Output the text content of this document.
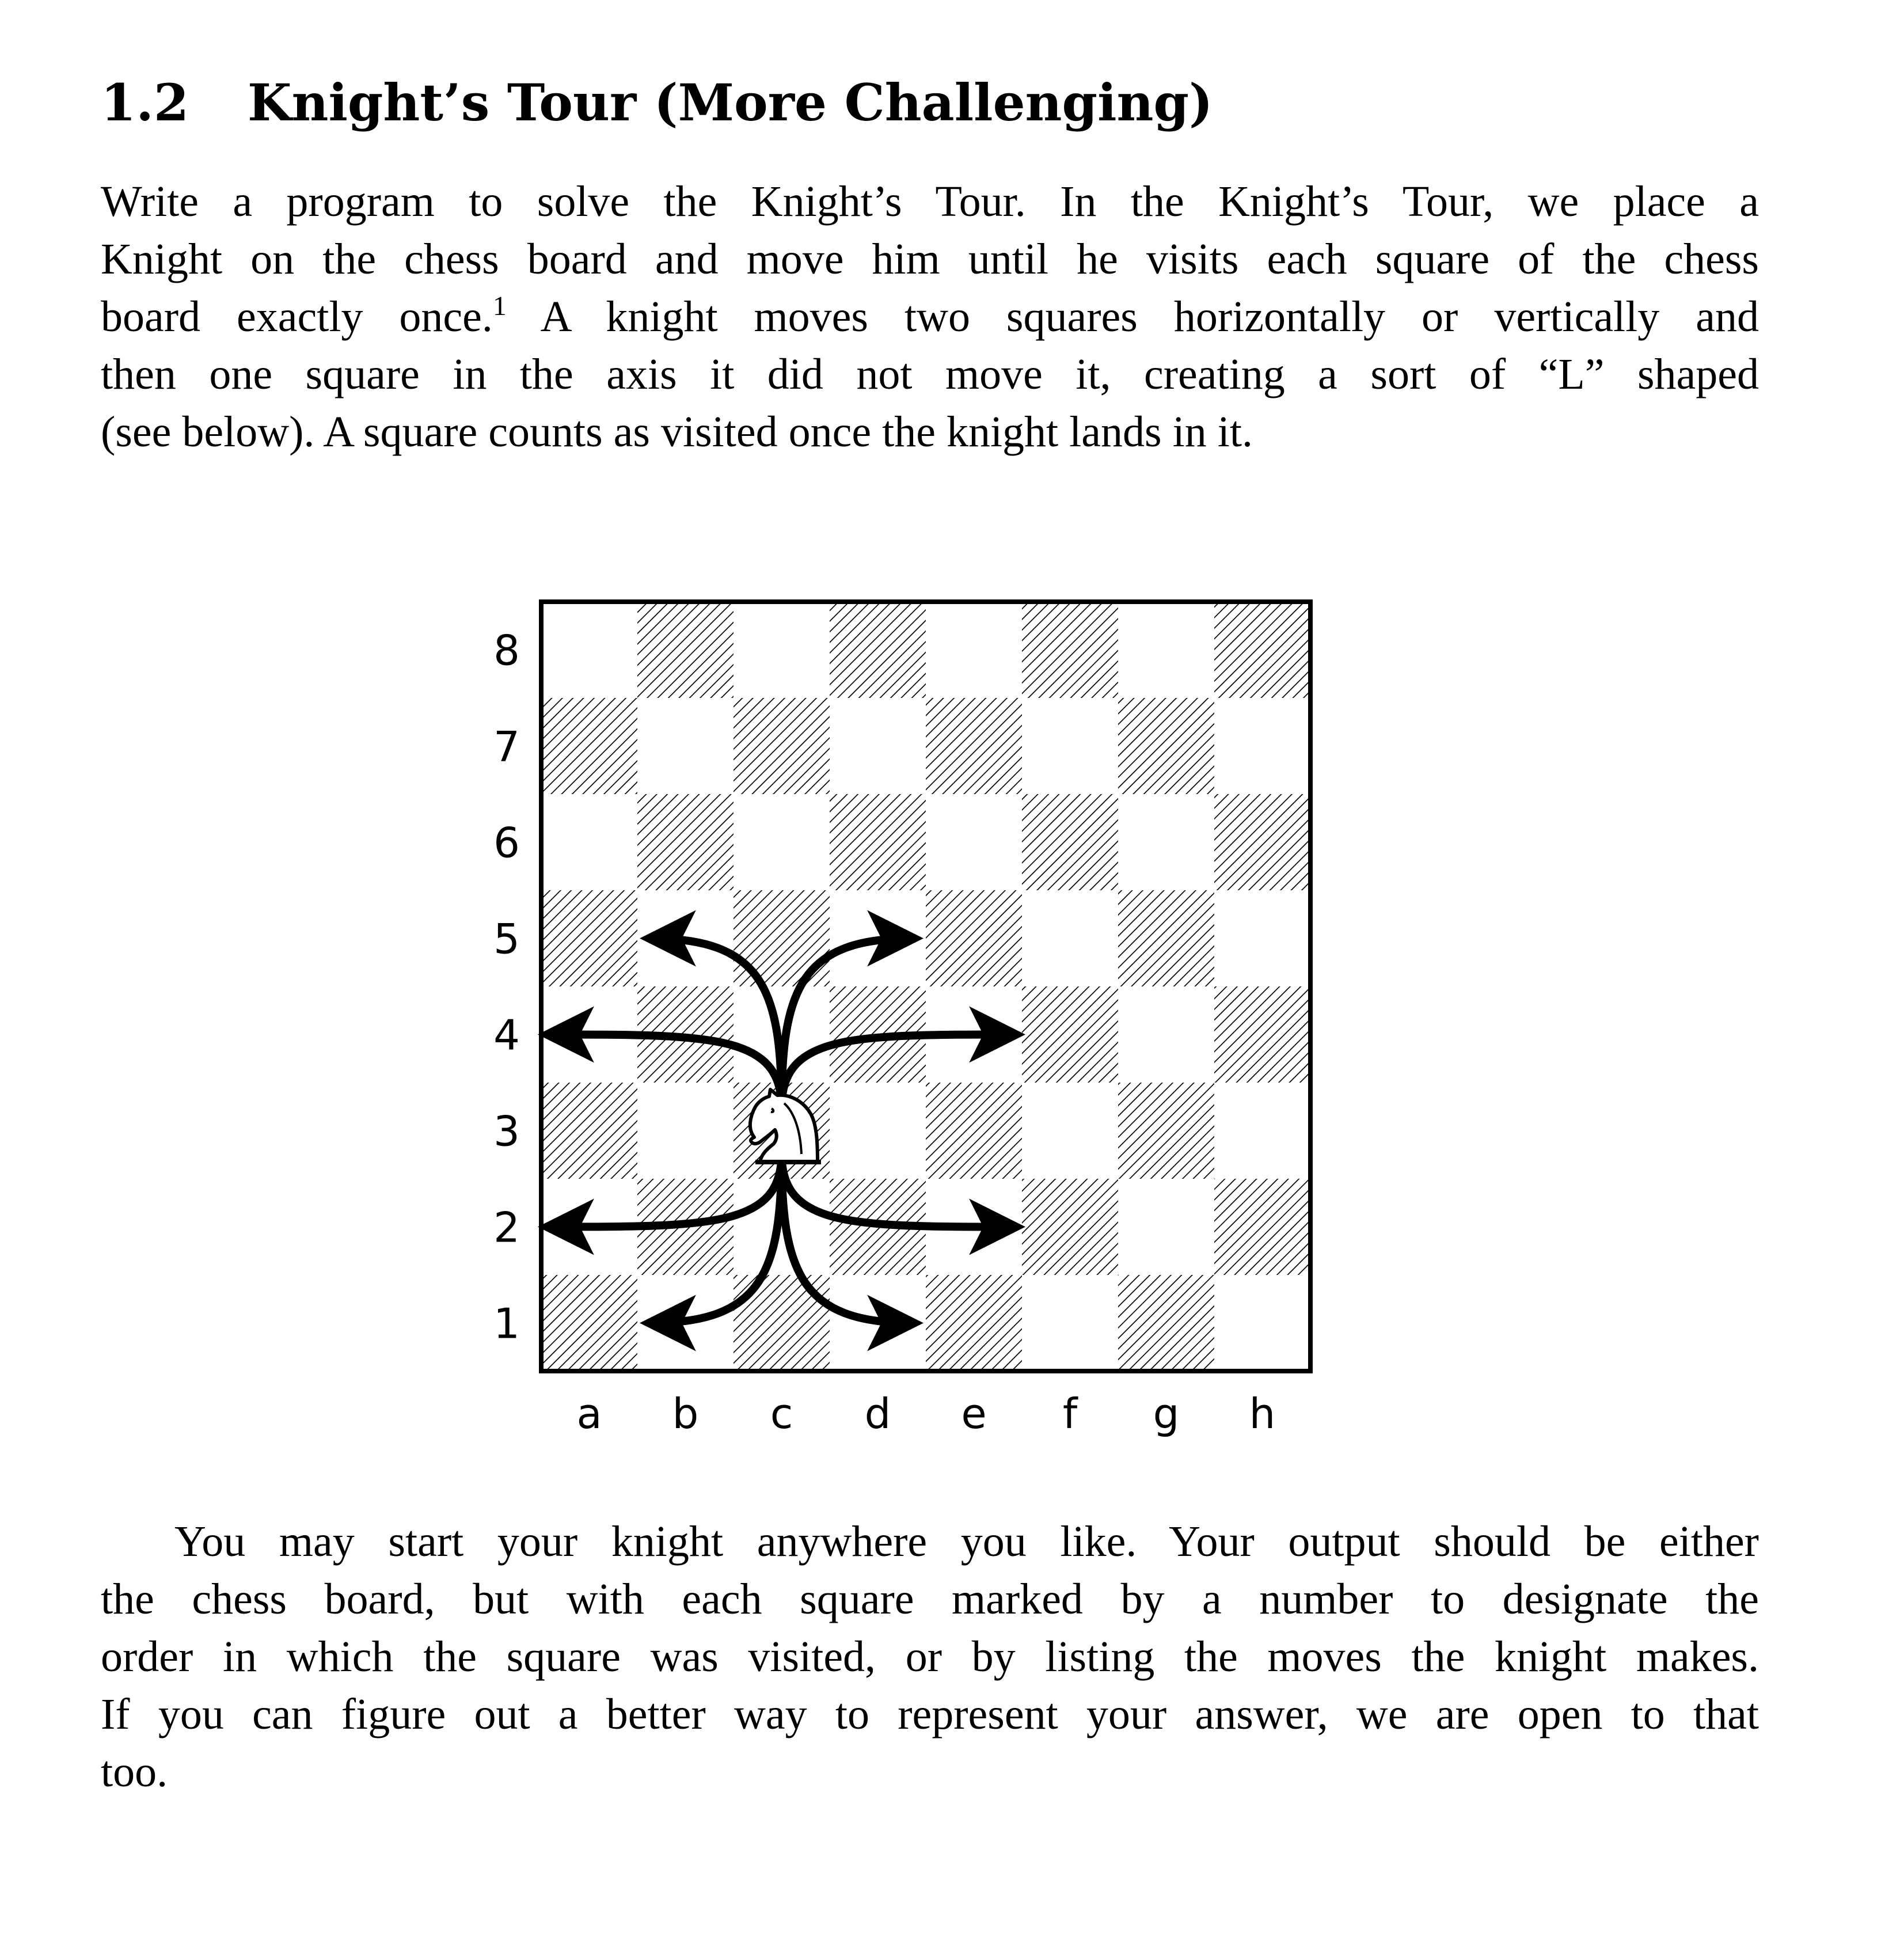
1.2 Knight’s Tour (More Challenging)
Write a program to solve the Knight’s Tour. In the Knight’s Tour, we place a
Knight on the chess board and move him until he visits each square of the chess
board exactly once.$^1$ A knight moves two squares horizontally or vertically and
then one square in the axis it did not move it, creating a sort of “L” shaped
(see below). A square counts as visited once the knight lands in it.
8
7
6
5
4
3
2
1
a b c d e f g h
You may start your knight anywhere you like. Your output should be either
the chess board, but with each square marked by a number to designate the
order in which the square was visited, or by listing the moves the knight makes.
If you can figure out a better way to represent your answer, we are open to that
too.
